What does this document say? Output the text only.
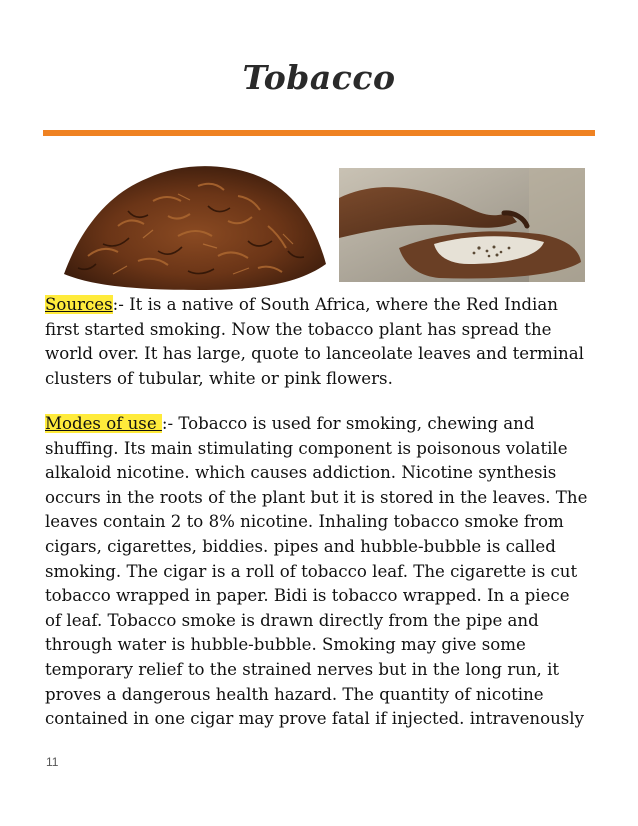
Tobacco
Sources:- It is a native of South Africa, where the Red Indian
first started smoking. Now the tobacco plant has spread the
world over. It has large, quote to lanceolate leaves and terminal
clusters of tubular, white or pink flowers.
Modes of use :- Tobacco is used for smoking, chewing and
shuffing. Its main stimulating component is poisonous volatile
alkaloid nicotine. which causes addiction. Nicotine synthesis
occurs in the roots of the plant but it is stored in the leaves. The
leaves contain 2 to 8% nicotine. Inhaling tobacco smoke from
cigars, cigarettes, biddies. pipes and hubble-bubble is called
smoking. The cigar is a roll of tobacco leaf. The cigarette is cut
tobacco wrapped in paper. Bidi is tobacco wrapped. In a piece
of leaf. Tobacco smoke is drawn directly from the pipe and
through water is hubble-bubble. Smoking may give some
temporary relief to the strained nerves but in the long run, it
proves a dangerous health hazard. The quantity of nicotine
contained in one cigar may prove fatal if injected. intravenously
11
